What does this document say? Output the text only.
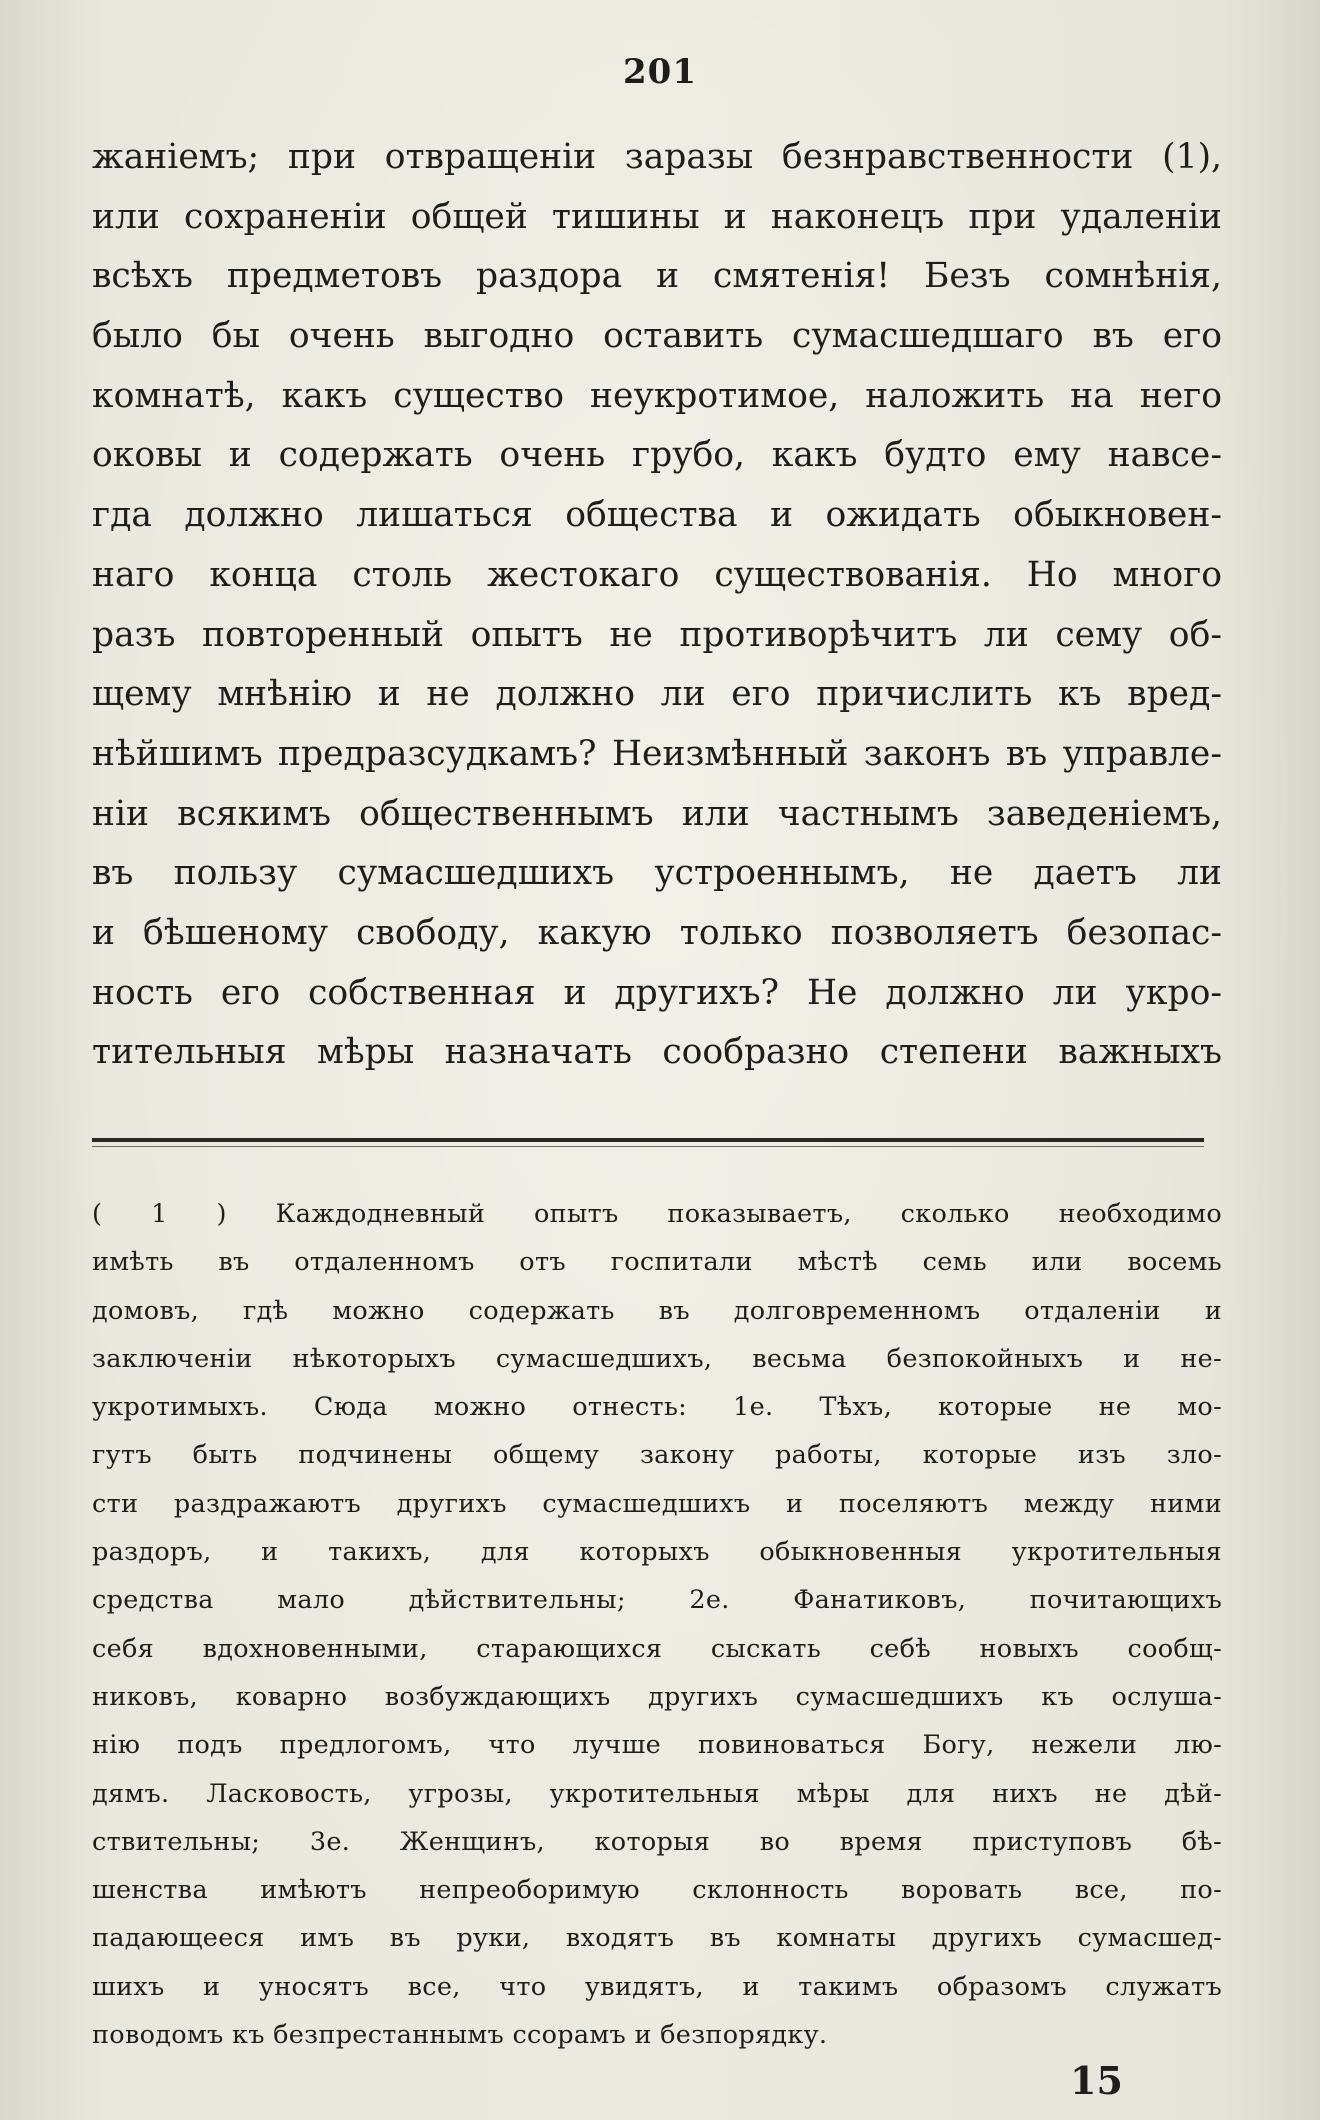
201
жаніемъ; при отвращеніи заразы безнравственности (1),
или сохраненіи общей тишины и наконецъ при удаленіи
всѣхъ предметовъ раздора и смятенія! Безъ сомнѣнія,
было бы очень выгодно оставить сумасшедшаго въ его
комнатѣ, какъ существо неукротимое, наложить на него
оковы и содержать очень грубо, какъ будто ему навсе-
гда должно лишаться общества и ожидать обыкновен-
наго конца столь жестокаго существованія. Но много
разъ повторенный опытъ не противорѣчитъ ли сему об-
щему мнѣнію и не должно ли его причислить къ вред-
нѣйшимъ предразсудкамъ? Неизмѣнный законъ въ управле-
ніи всякимъ общественнымъ или частнымъ заведеніемъ,
въ пользу сумасшедшихъ устроеннымъ, не даетъ ли
и бѣшеному свободу, какую только позволяетъ безопас-
ность его собственная и другихъ? Не должно ли укро-
тительныя мѣры назначать сообразно степени важныхъ
( 1 ) Каждодневный опытъ показываетъ, сколько необходимо
имѣть въ отдаленномъ отъ госпитали мѣстѣ семь или восемь
домовъ, гдѣ можно содержать въ долговременномъ отдаленіи и
заключеніи нѣкоторыхъ сумасшедшихъ, весьма безпокойныхъ и не-
укротимыхъ. Сюда можно отнесть: 1е. Тѣхъ, которые не мо-
гутъ быть подчинены общему закону работы, которые изъ зло-
сти раздражаютъ другихъ сумасшедшихъ и поселяютъ между ними
раздоръ, и такихъ, для которыхъ обыкновенныя укротительныя
средства мало дѣйствительны; 2е. Фанатиковъ, почитающихъ
себя вдохновенными, старающихся сыскать себѣ новыхъ сообщ-
никовъ, коварно возбуждающихъ другихъ сумасшедшихъ къ ослуша-
нію подъ предлогомъ, что лучше повиноваться Богу, нежели лю-
дямъ. Ласковость, угрозы, укротительныя мѣры для нихъ не дѣй-
ствительны; 3е. Женщинъ, которыя во время приступовъ бѣ-
шенства имѣютъ непреоборимую склонность воровать все, по-
падающееся имъ въ руки, входятъ въ комнаты другихъ сумасшед-
шихъ и уносятъ все, что увидятъ, и такимъ образомъ служатъ
поводомъ къ безпрестаннымъ ссорамъ и безпорядку.
15
